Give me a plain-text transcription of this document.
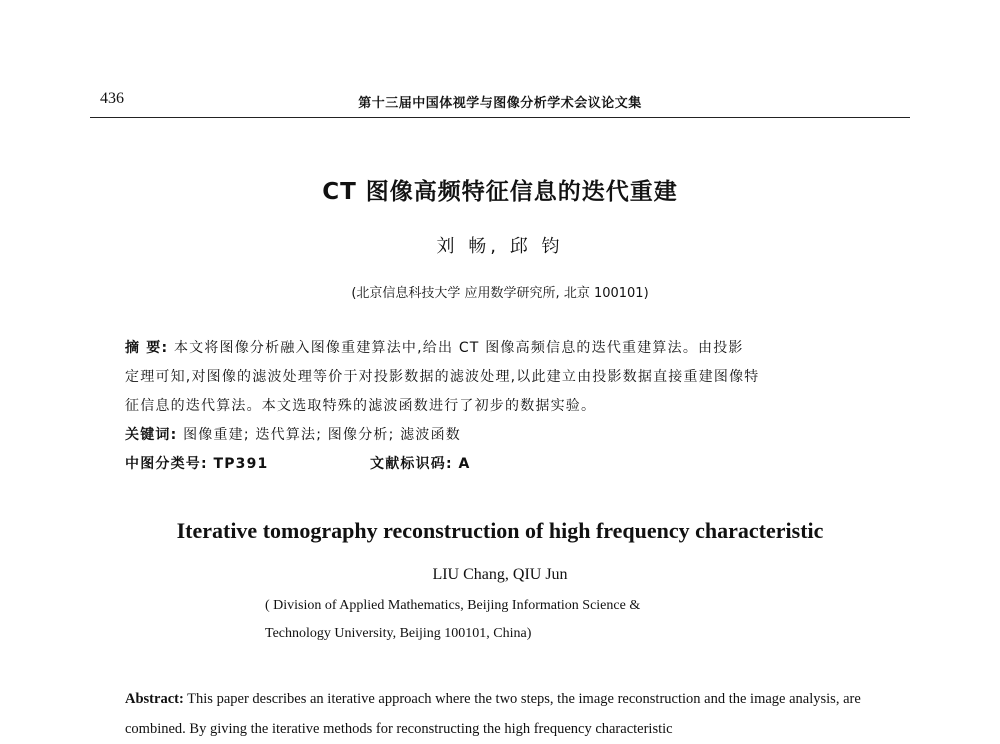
436	第十三届中国体视学与图像分析学术会议论文集
CT 图像高频特征信息的迭代重建
刘 畅, 邱 钧
(北京信息科技大学 应用数学研究所, 北京 100101)
摘 要: 本文将图像分析融入图像重建算法中,给出 CT 图像高频信息的迭代重建算法。由投影
定理可知,对图像的滤波处理等价于对投影数据的滤波处理,以此建立由投影数据直接重建图像特
征信息的迭代算法。本文选取特殊的滤波函数进行了初步的数据实验。
关键词: 图像重建; 迭代算法; 图像分析; 滤波函数
中图分类号: TP391	文献标识码: A
Iterative tomography reconstruction of high frequency characteristic
LIU Chang, QIU Jun
( Division of Applied Mathematics, Beijing Information Science &
Technology University, Beijing 100101, China)
Abstract: This paper describes an iterative approach where the two steps, the image reconstruction and the image analysis, are combined. By giving the iterative methods for reconstructing the high frequency characteristic
